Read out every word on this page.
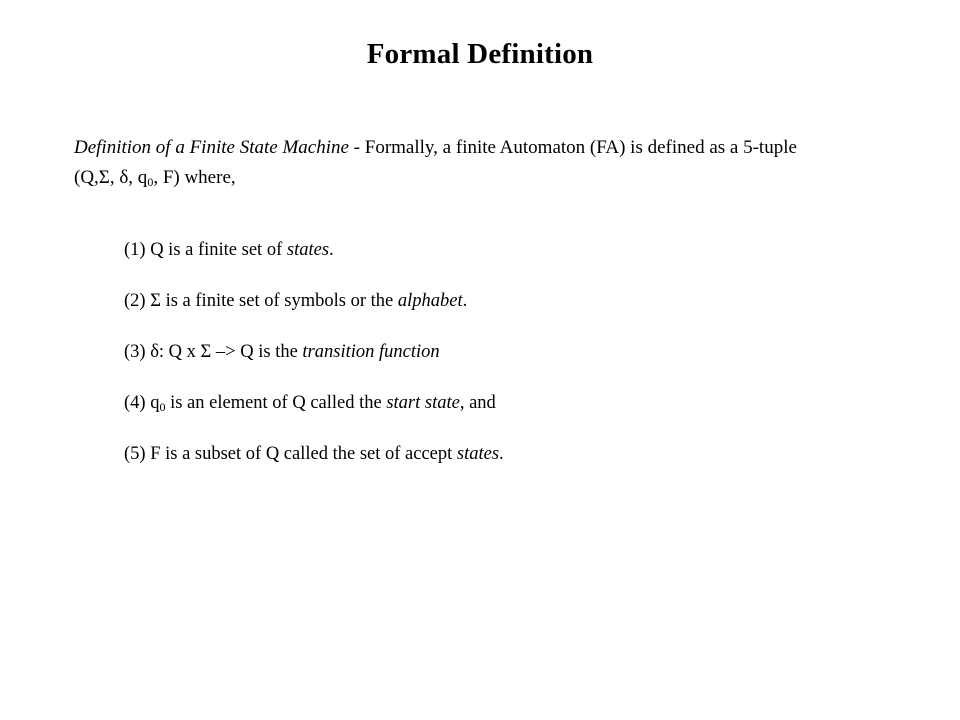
Formal Definition
Definition of a Finite State Machine - Formally, a finite Automaton (FA) is defined as a 5-tuple
(Q,Σ, δ, $q_0$, F) where,
(1) Q is a finite set of states.
(2) Σ is a finite set of symbols or the alphabet.
(3) δ: Q x Σ –> Q is the transition function
(4) $q_0$ is an element of Q called the start state, and
(5) F is a subset of Q called the set of accept states.
